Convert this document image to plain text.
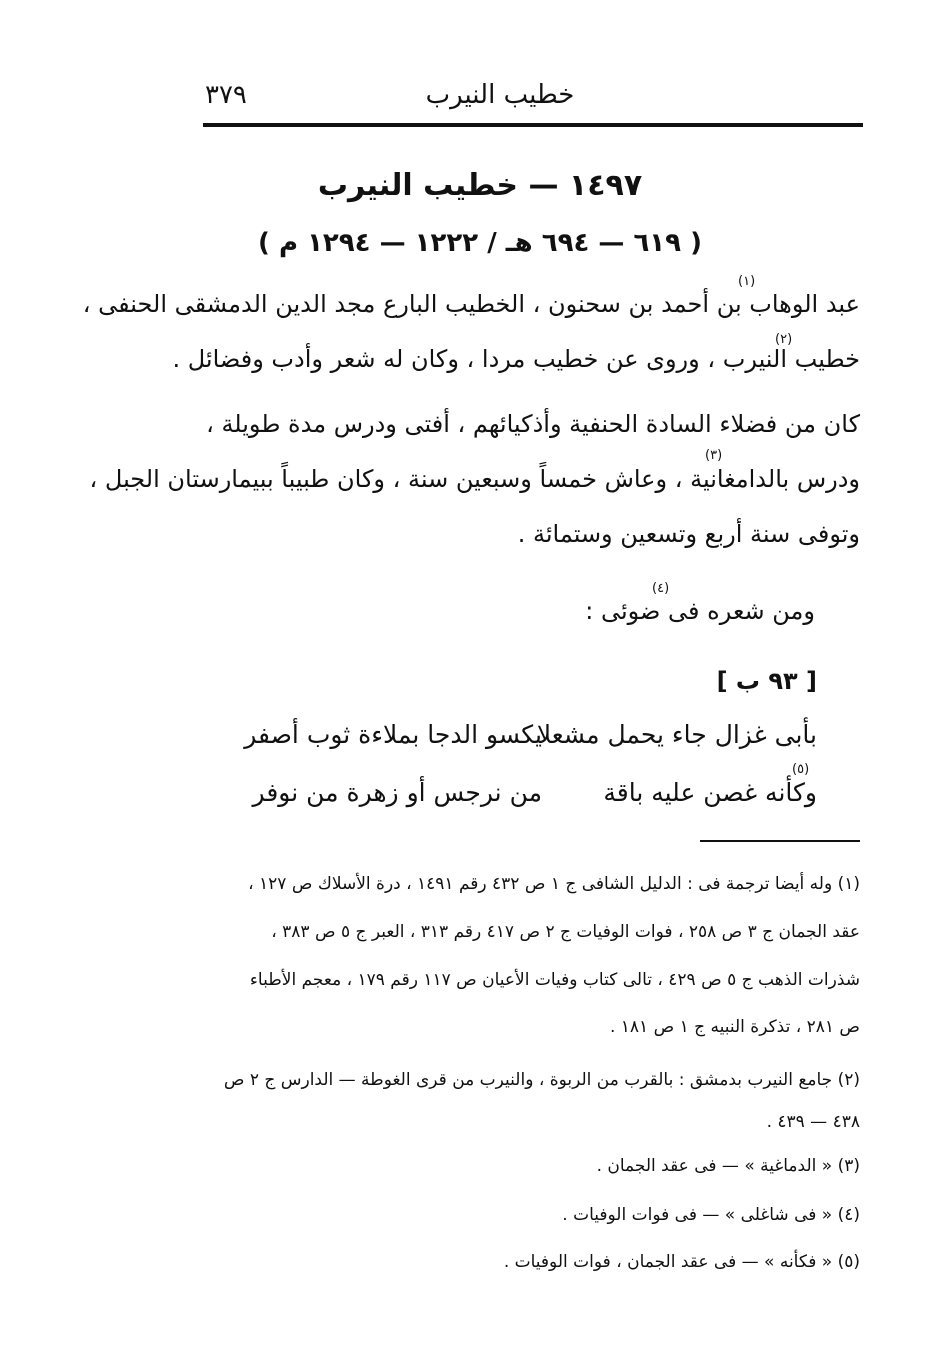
خطيب النيرب
٣٧٩
١٤٩٧ — خطيب النيرب
( ٦١٩ — ٦٩٤ هـ / ١٢٢٢ — ١٢٩٤ م )
(١)
عبد الوهاب بن أحمد بن سحنون ، الخطيب البارع مجد الدين الدمشقى الحنفى ،
(٢)
خطيب النيرب ، وروى عن خطيب مردا ، وكان له شعر وأدب وفضائل .
كان من فضلاء السادة الحنفية وأذكيائهم ، أفتى ودرس مدة طويلة ،
(٣)
ودرس بالدامغانية ، وعاش خمساً وسبعين سنة ، وكان طبيباً ببيمارستان الجبل ،
وتوفى سنة أربع وتسعين وستمائة .
(٤)
ومن شعره فى ضوئى :
[ ٩٣ ب ]
بأبى غزال جاء يحمل مشعلا
يكسو الدجا بملاءة ثوب أصفر
(٥)
وكأنه غصن عليه باقة
من نرجس أو زهرة من نوفر
(١) وله أيضا ترجمة فى : الدليل الشافى ج ١ ص ٤٣٢ رقم ١٤٩١ ، درة الأسلاك ص ١٢٧ ،
عقد الجمان ج ٣ ص ٢٥٨ ، فوات الوفيات ج ٢ ص ٤١٧ رقم ٣١٣ ، العبر ج ٥ ص ٣٨٣ ،
شذرات الذهب ج ٥ ص ٤٢٩ ، تالى كتاب وفيات الأعيان ص ١١٧ رقم ١٧٩ ، معجم الأطباء
ص ٢٨١ ، تذكرة النبيه ج ١ ص ١٨١ .
(٢) جامع النيرب بدمشق : بالقرب من الربوة ، والنيرب من قرى الغوطة — الدارس ج ٢ ص
٤٣٨ — ٤٣٩ .
(٣) « الدماغية » — فى عقد الجمان .
(٤) « فى شاغلى » — فى فوات الوفيات .
(٥) « فكأنه » — فى عقد الجمان ، فوات الوفيات .
